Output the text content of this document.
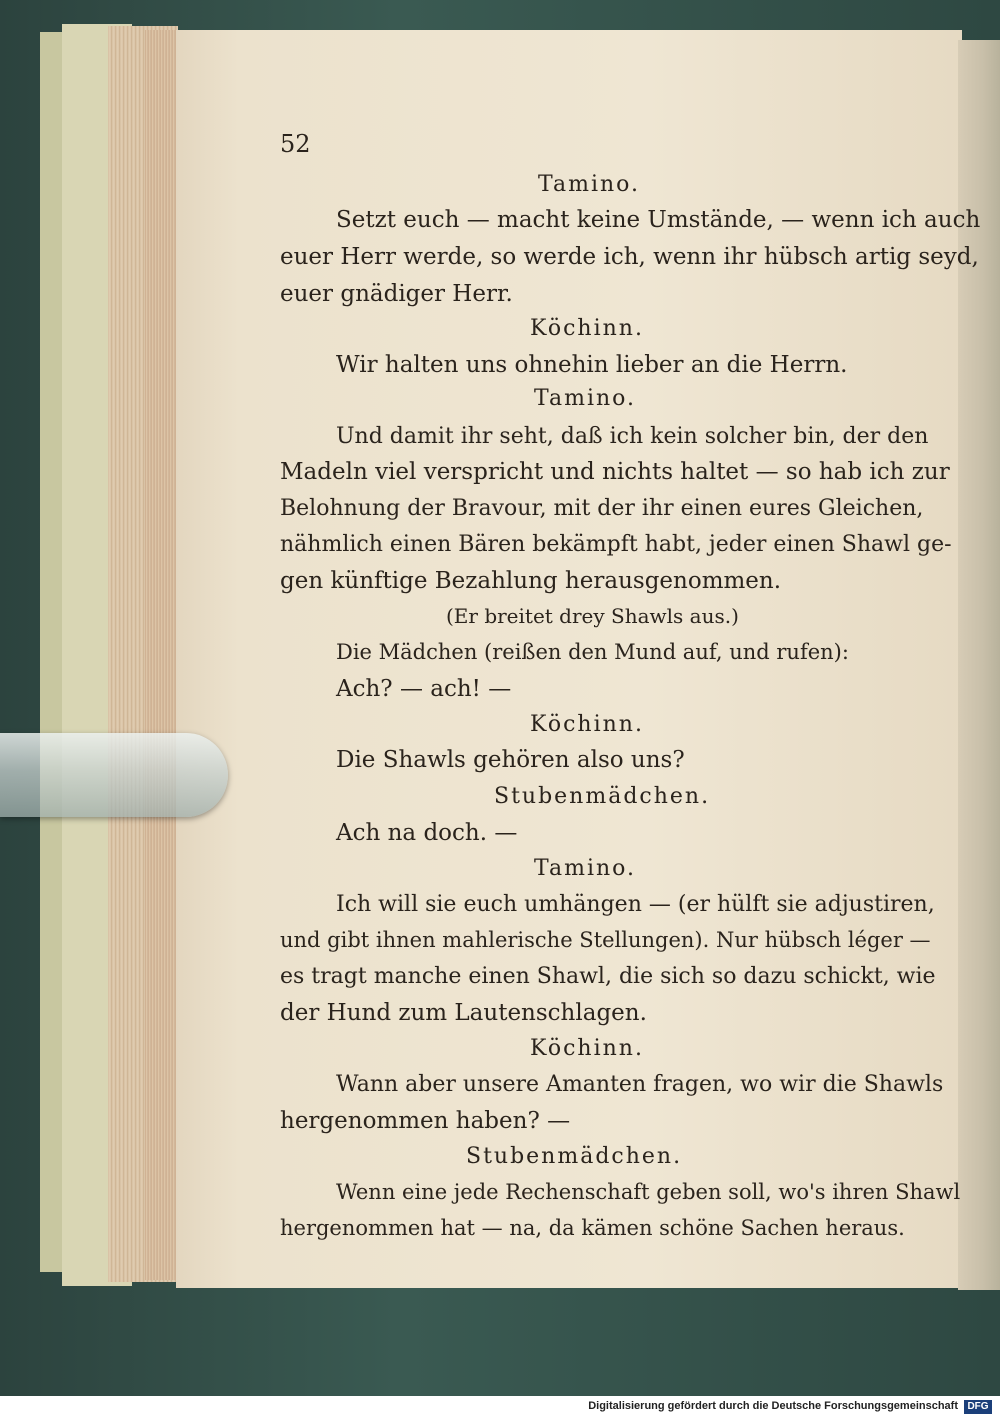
52
Tamino.
Setzt euch — macht keine Umstände, — wenn ich auch
euer Herr werde, so werde ich, wenn ihr hübsch artig seyd,
euer gnädiger Herr.
Köchinn.
Wir halten uns ohnehin lieber an die Herrn.
Tamino.
Und damit ihr seht, daß ich kein solcher bin, der den
Madeln viel verspricht und nichts haltet — so hab ich zur
Belohnung der Bravour, mit der ihr einen eures Gleichen,
nähmlich einen Bären bekämpft habt, jeder einen Shawl ge-
gen künftige Bezahlung herausgenommen.
(Er breitet drey Shawls aus.)
Die Mädchen (reißen den Mund auf, und rufen):
Ach? — ach! —
Köchinn.
Die Shawls gehören also uns?
Stubenmädchen.
Ach na doch. —
Tamino.
Ich will sie euch umhängen — (er hülft sie adjustiren,
und gibt ihnen mahlerische Stellungen). Nur hübsch léger —
es tragt manche einen Shawl, die sich so dazu schickt, wie
der Hund zum Lautenschlagen.
Köchinn.
Wann aber unsere Amanten fragen, wo wir die Shawls
hergenommen haben? —
Stubenmädchen.
Wenn eine jede Rechenschaft geben soll, wo's ihren Shawl
hergenommen hat — na, da kämen schöne Sachen heraus.
Digitalisierung gefördert durch die Deutsche Forschungsgemeinschaft DFG
